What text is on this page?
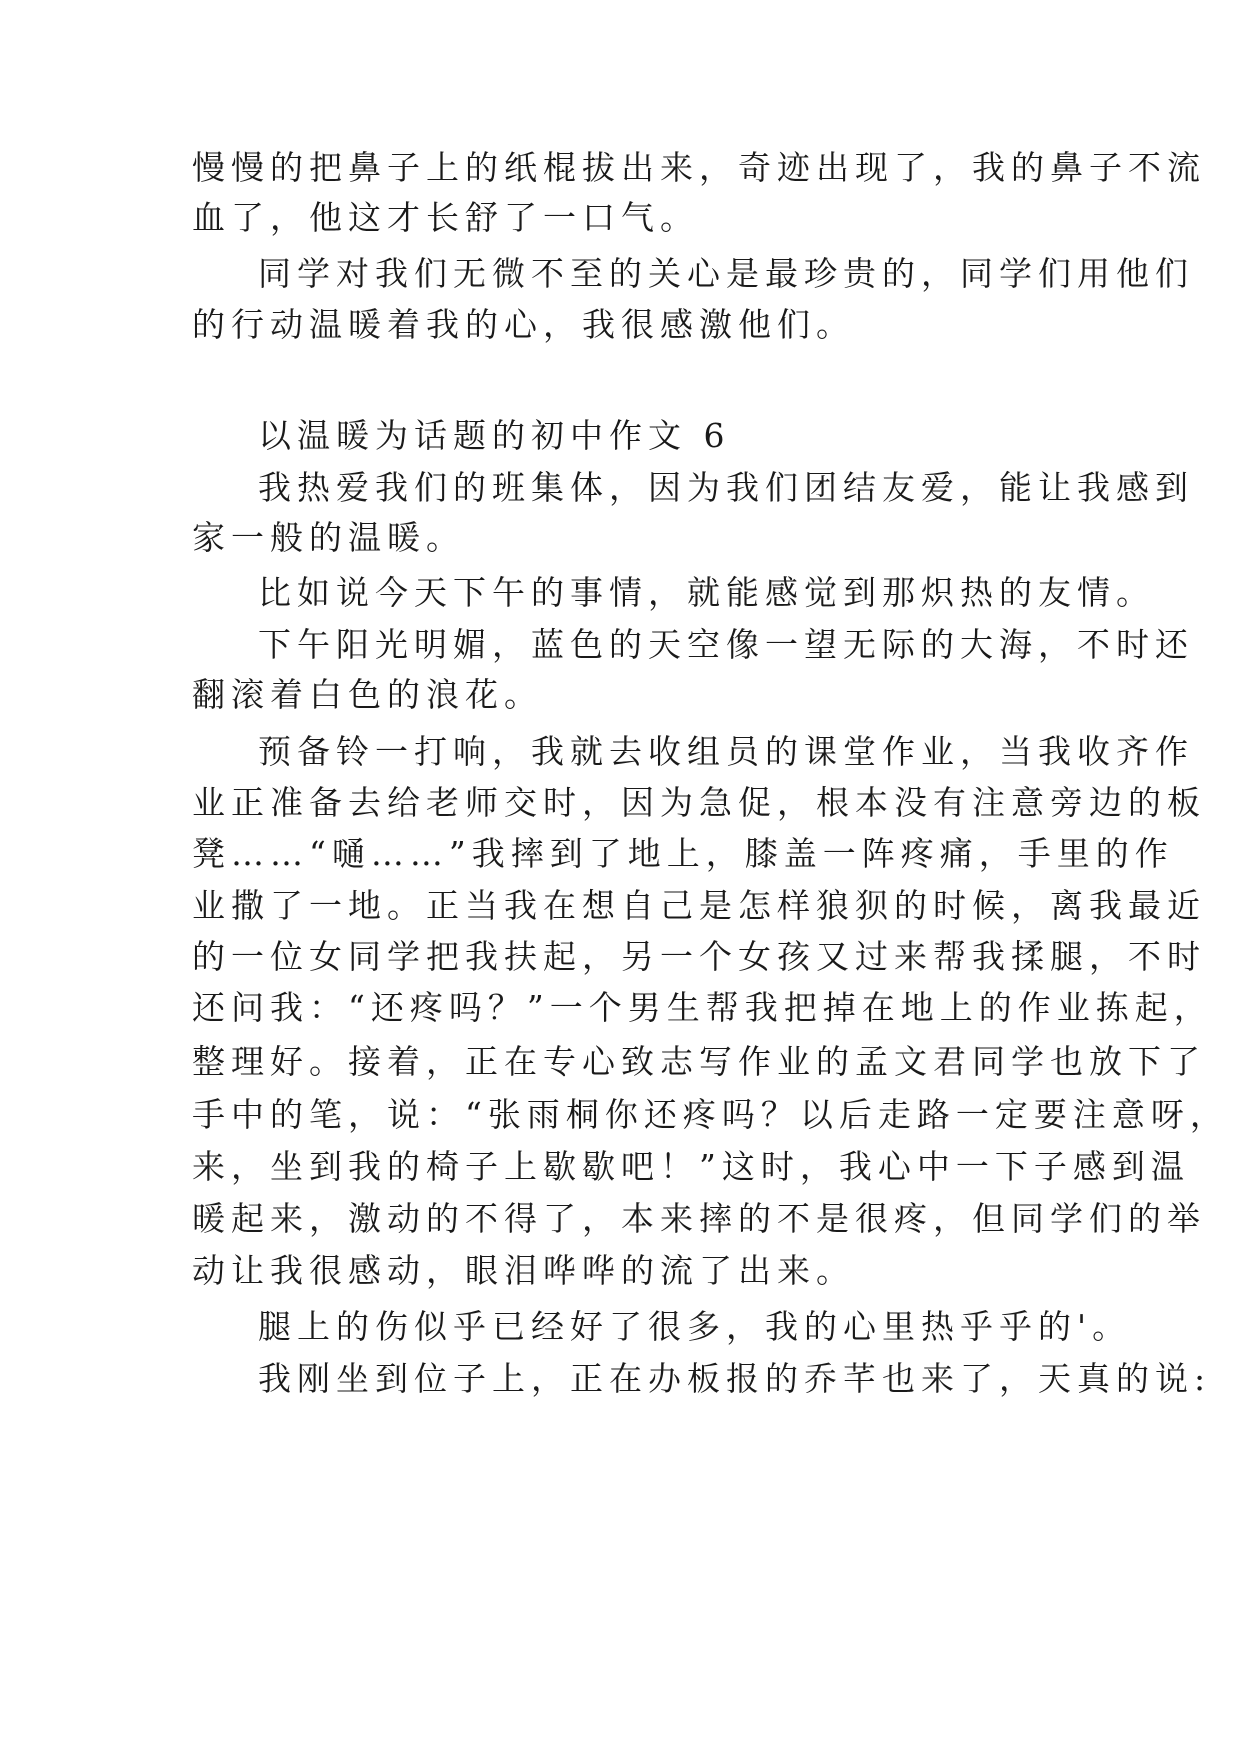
慢慢的把鼻子上的纸棍拔出来，奇迹出现了，我的鼻子不流
血了，他这才长舒了一口气。
同学对我们无微不至的关心是最珍贵的，同学们用他们
的行动温暖着我的心，我很感激他们。
以温暖为话题的初中作文 6
我热爱我们的班集体，因为我们团结友爱，能让我感到
家一般的温暖。
比如说今天下午的事情，就能感觉到那炽热的友情。
下午阳光明媚，蓝色的天空像一望无际的大海，不时还
翻滚着白色的浪花。
预备铃一打响，我就去收组员的课堂作业，当我收齐作
业正准备去给老师交时，因为急促，根本没有注意旁边的板
凳……“嗵……”我摔到了地上，膝盖一阵疼痛，手里的作
业撒了一地。正当我在想自己是怎样狼狈的时候，离我最近
的一位女同学把我扶起，另一个女孩又过来帮我揉腿，不时
还问我：“还疼吗？”一个男生帮我把掉在地上的作业拣起，
整理好。接着，正在专心致志写作业的孟文君同学也放下了
手中的笔，说：“张雨桐你还疼吗？以后走路一定要注意呀，
来，坐到我的椅子上歇歇吧！”这时，我心中一下子感到温
暖起来，激动的不得了，本来摔的不是很疼，但同学们的举
动让我很感动，眼泪哗哗的流了出来。
腿上的伤似乎已经好了很多，我的心里热乎乎的'。
我刚坐到位子上，正在办板报的乔芊也来了，天真的说:
